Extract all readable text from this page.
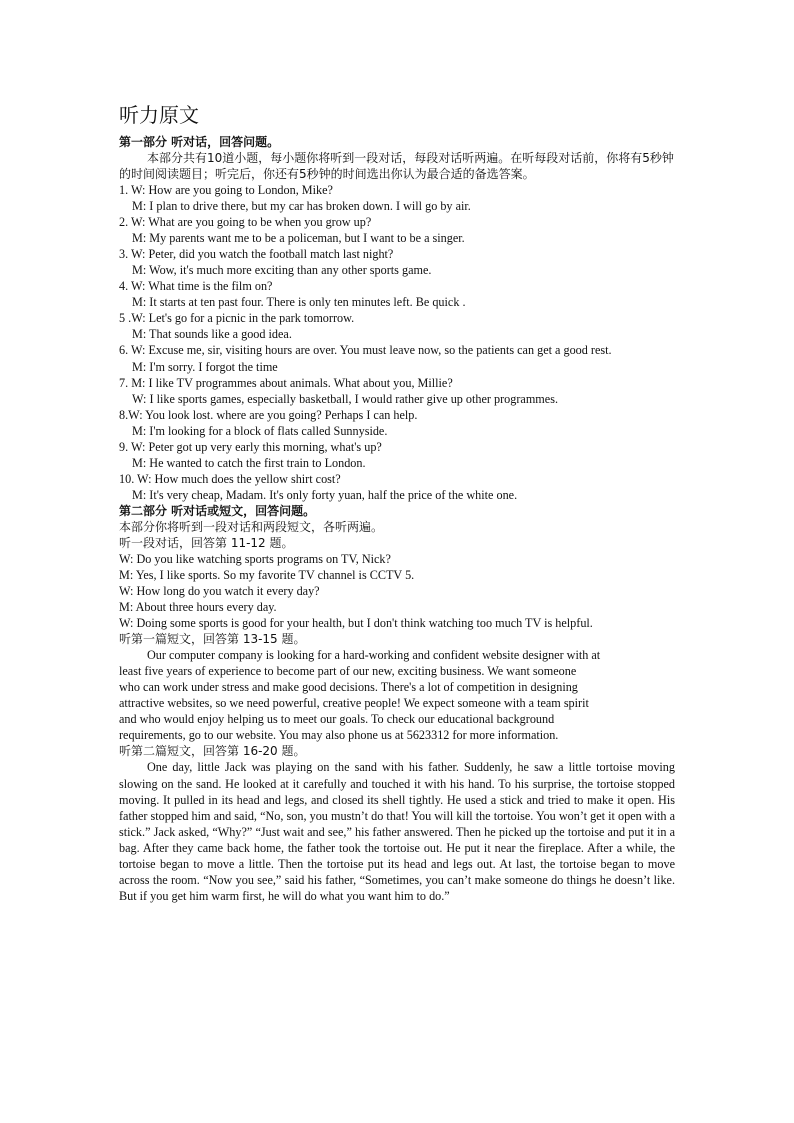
听力原文
第一部分 听对话，回答问题。
本部分共有10道小题，每小题你将听到一段对话，每段对话听两遍。在听每段对话前，你将有5秒钟的时间阅读题目；听完后，你还有5秒钟的时间选出你认为最合适的备选答案。
1. W: How are you going to London, Mike?
M: I plan to drive there, but my car has broken down. I will go by air.
2. W: What are you going to be when you grow up?
M: My parents want me to be a policeman, but I want to be a singer.
3. W: Peter, did you watch the football match last night?
M: Wow, it's much more exciting than any other sports game.
4. W: What time is the film on?
M: It starts at ten past four. There is only ten minutes left. Be quick .
5 .W: Let's go for a picnic in the park tomorrow.
M: That sounds like a good idea.
6. W: Excuse me, sir, visiting hours are over. You must leave now, so the patients can get a good rest.
M: I'm sorry. I forgot the time
7. M: I like TV programmes about animals. What about you, Millie?
W: I like sports games, especially basketball, I would rather give up other programmes.
8.W: You look lost. where are you going? Perhaps I can help.
M: I'm looking for a block of flats called Sunnyside.
9. W: Peter got up very early this morning, what's up?
M: He wanted to catch the first train to London.
10. W: How much does the yellow shirt cost?
M: It's very cheap, Madam. It's only forty yuan, half the price of the white one.
第二部分 听对话或短文，回答问题。
本部分你将听到一段对话和两段短文，各听两遍。
听一段对话，回答第 11-12 题。
W: Do you like watching sports programs on TV, Nick?
M: Yes, I like sports. So my favorite TV channel is CCTV 5.
W: How long do you watch it every day?
M: About three hours every day.
W: Doing some sports is good for your health, but I don't think watching too much TV is helpful.
听第一篇短文，回答第 13-15 题。
Our computer company is looking for a hard-working and confident website designer with at
least five years of experience to become part of our new, exciting business. We want someone
who can work under stress and make good decisions. There's a lot of competition in designing
attractive websites, so we need powerful, creative people! We expect someone with a team spirit
and who would enjoy helping us to meet our goals. To check our educational background
requirements, go to our website. You may also phone us at 5623312 for more information.
听第二篇短文，回答第 16-20 题。
One day, little Jack was playing on the sand with his father. Suddenly, he saw a little tortoise moving slowing on the sand. He looked at it carefully and touched it with his hand. To his surprise, the tortoise stopped moving. It pulled in its head and legs, and closed its shell tightly. He used a stick and tried to make it open. His father stopped him and said, “No, son, you mustn’t do that! You will kill the tortoise. You won’t get it open with a stick.” Jack asked, “Why?” “Just wait and see,” his father answered. Then he picked up the tortoise and put it in a bag. After they came back home, the father took the tortoise out. He put it near the fireplace. After a while, the tortoise began to move a little. Then the tortoise put its head and legs out. At last, the tortoise began to move across the room. “Now you see,” said his father, “Sometimes, you can’t make someone do things he doesn’t like. But if you get him warm first, he will do what you want him to do.”
